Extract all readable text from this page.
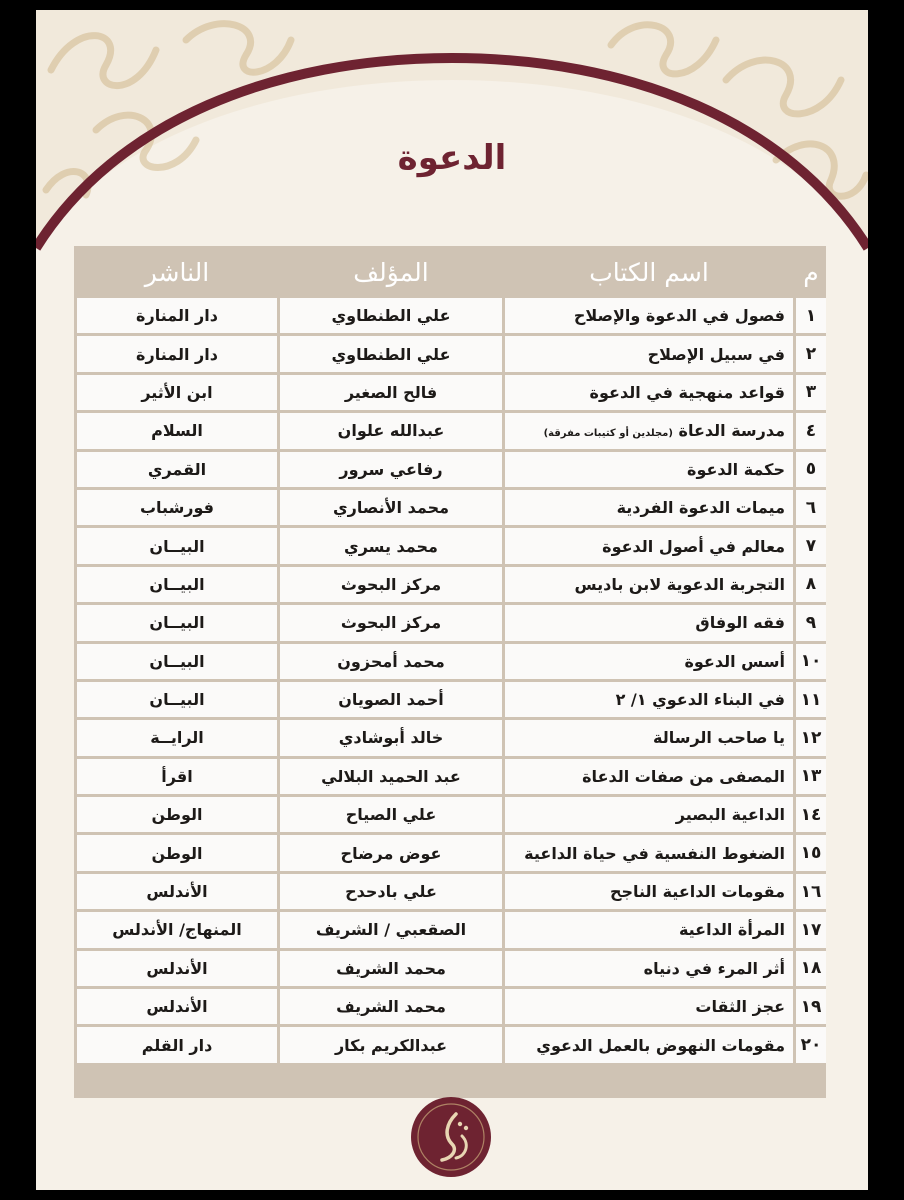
الدعوة
م	اسم الكتاب	المؤلف	الناشر
١	فصول في الدعوة والإصلاح	علي الطنطاوي	دار المنارة
٢	في سبيل الإصلاح	علي الطنطاوي	دار المنارة
٣	قواعد منهجية في الدعوة	فالح الصغير	ابن الأثير
٤	مدرسة الدعاة (مجلدين أو كتيبات مفرقة)	عبدالله علوان	السلام
٥	حكمة الدعوة	رفاعي سرور	القمري
٦	ميمات الدعوة الفردية	محمد الأنصاري	فورشباب
٧	معالم في أصول الدعوة	محمد يسري	البيــان
٨	التجربة الدعوية لابن باديس	مركز البحوث	البيــان
٩	فقه الوفاق	مركز البحوث	البيــان
١٠	أسس الدعوة	محمد أمحزون	البيــان
١١	في البناء الدعوي ١/ ٢	أحمد الصويان	البيــان
١٢	يا صاحب الرسالة	خالد أبوشادي	الرايــة
١٣	المصفى من صفات الدعاة	عبد الحميد البلالي	اقرأ
١٤	الداعية البصير	علي الصياح	الوطن
١٥	الضغوط النفسية في حياة الداعية	عوض مرضاح	الوطن
١٦	مقومات الداعية الناجح	علي بادحدح	الأندلس
١٧	المرأة الداعية	الصقعبي / الشريف	المنهاج/ الأندلس
١٨	أثر المرء في دنياه	محمد الشريف	الأندلس
١٩	عجز الثقات	محمد الشريف	الأندلس
٢٠	مقومات النهوض بالعمل الدعوي	عبدالكريم بكار	دار القلم
